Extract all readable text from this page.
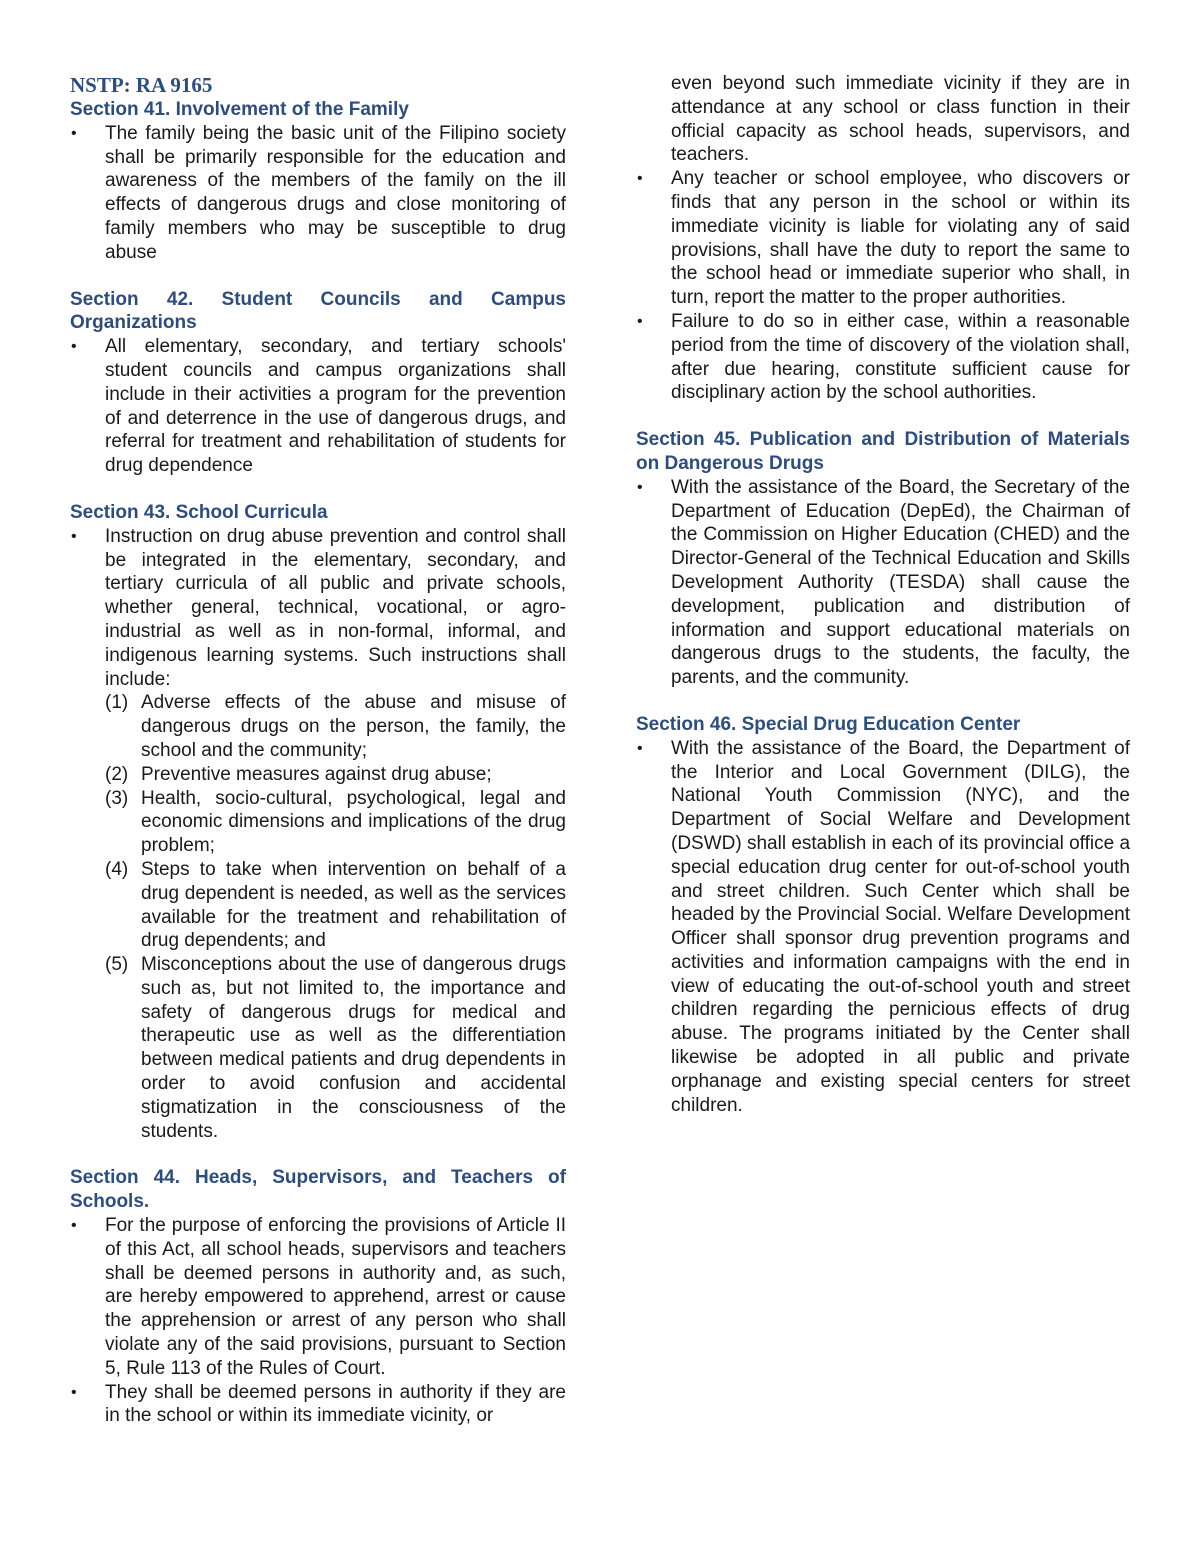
NSTP: RA 9165

Section 41. Involvement of the Family

• The family being the basic unit of the Filipino society shall be primarily responsible for the education and awareness of the members of the family on the ill effects of dangerous drugs and close monitoring of family members who may be susceptible to drug abuse

Section 42. Student Councils and Campus Organizations

• All elementary, secondary, and tertiary schools' student councils and campus organizations shall include in their activities a program for the prevention of and deterrence in the use of dangerous drugs, and referral for treatment and rehabilitation of students for drug dependence

Section 43. School Curricula

• Instruction on drug abuse prevention and control shall be integrated in the elementary, secondary, and tertiary curricula of all public and private schools, whether general, technical, vocational, or agro-industrial as well as in non-formal, informal, and indigenous learning systems. Such instructions shall include:
(1) Adverse effects of the abuse and misuse of dangerous drugs on the person, the family, the school and the community;
(2) Preventive measures against drug abuse;
(3) Health, socio-cultural, psychological, legal and economic dimensions and implications of the drug problem;
(4) Steps to take when intervention on behalf of a drug dependent is needed, as well as the services available for the treatment and rehabilitation of drug dependents; and
(5) Misconceptions about the use of dangerous drugs such as, but not limited to, the importance and safety of dangerous drugs for medical and therapeutic use as well as the differentiation between medical patients and drug dependents in order to avoid confusion and accidental stigmatization in the consciousness of the students.

Section 44. Heads, Supervisors, and Teachers of Schools.

• For the purpose of enforcing the provisions of Article II of this Act, all school heads, supervisors and teachers shall be deemed persons in authority and, as such, are hereby empowered to apprehend, arrest or cause the apprehension or arrest of any person who shall violate any of the said provisions, pursuant to Section 5, Rule 113 of the Rules of Court.
• They shall be deemed persons in authority if they are in the school or within its immediate vicinity, or

even beyond such immediate vicinity if they are in attendance at any school or class function in their official capacity as school heads, supervisors, and teachers.

• Any teacher or school employee, who discovers or finds that any person in the school or within its immediate vicinity is liable for violating any of said provisions, shall have the duty to report the same to the school head or immediate superior who shall, in turn, report the matter to the proper authorities.
• Failure to do so in either case, within a reasonable period from the time of discovery of the violation shall, after due hearing, constitute sufficient cause for disciplinary action by the school authorities.

Section 45. Publication and Distribution of Materials on Dangerous Drugs

• With the assistance of the Board, the Secretary of the Department of Education (DepEd), the Chairman of the Commission on Higher Education (CHED) and the Director-General of the Technical Education and Skills Development Authority (TESDA) shall cause the development, publication and distribution of information and support educational materials on dangerous drugs to the students, the faculty, the parents, and the community.

Section 46. Special Drug Education Center

• With the assistance of the Board, the Department of the Interior and Local Government (DILG), the National Youth Commission (NYC), and the Department of Social Welfare and Development (DSWD) shall establish in each of its provincial office a special education drug center for out-of-school youth and street children. Such Center which shall be headed by the Provincial Social. Welfare Development Officer shall sponsor drug prevention programs and activities and information campaigns with the end in view of educating the out-of-school youth and street children regarding the pernicious effects of drug abuse. The programs initiated by the Center shall likewise be adopted in all public and private orphanage and existing special centers for street children.
